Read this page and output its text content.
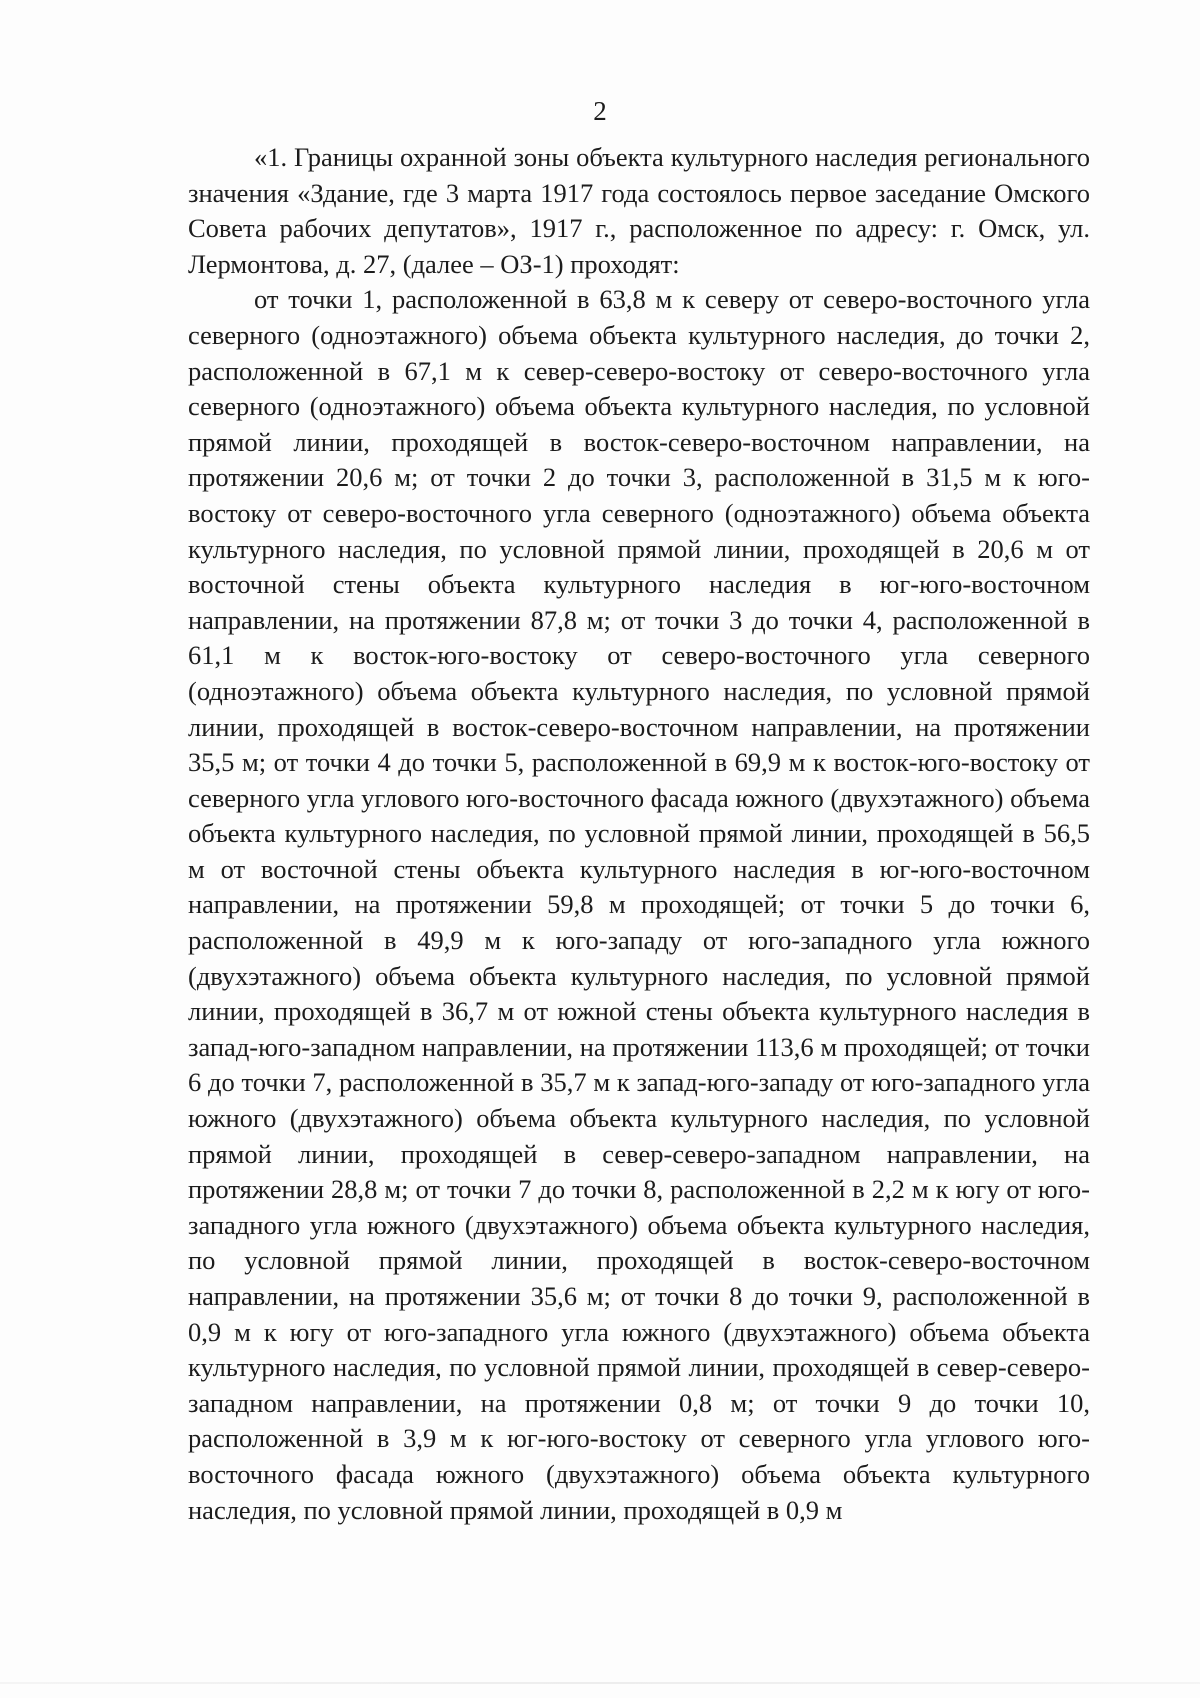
2

«1. Границы охранной зоны объекта культурного наследия регионального значения «Здание, где 3 марта 1917 года состоялось первое заседание Омского Совета рабочих депутатов», 1917 г., расположенное по адресу: г. Омск, ул. Лермонтова, д. 27, (далее – ОЗ-1) проходят:

от точки 1, расположенной в 63,8 м к северу от северо-восточного угла северного (одноэтажного) объема объекта культурного наследия, до точки 2, расположенной в 67,1 м к север-северо-востоку от северо-восточного угла северного (одноэтажного) объема объекта культурного наследия, по условной прямой линии, проходящей в восток-северо-восточном направлении, на протяжении 20,6 м; от точки 2 до точки 3, расположенной в 31,5 м к юго-востоку от северо-восточного угла северного (одноэтажного) объема объекта культурного наследия, по условной прямой линии, проходящей в 20,6 м от восточной стены объекта культурного наследия в юг-юго-восточном направлении, на протяжении 87,8 м; от точки 3 до точки 4, расположенной в 61,1 м к восток-юго-востоку от северо-восточного угла северного (одноэтажного) объема объекта культурного наследия, по условной прямой линии, проходящей в восток-северо-восточном направлении, на протяжении 35,5 м; от точки 4 до точки 5, расположенной в 69,9 м к восток-юго-востоку от северного угла углового юго-восточного фасада южного (двухэтажного) объема объекта культурного наследия, по условной прямой линии, проходящей в 56,5 м от восточной стены объекта культурного наследия в юг-юго-восточном направлении, на протяжении 59,8 м проходящей; от точки 5 до точки 6, расположенной в 49,9 м к юго-западу от юго-западного угла южного (двухэтажного) объема объекта культурного наследия, по условной прямой линии, проходящей в 36,7 м от южной стены объекта культурного наследия в запад-юго-западном направлении, на протяжении 113,6 м проходящей; от точки 6 до точки 7, расположенной в 35,7 м к запад-юго-западу от юго-западного угла южного (двухэтажного) объема объекта культурного наследия, по условной прямой линии, проходящей в север-северо-западном направлении, на протяжении 28,8 м; от точки 7 до точки 8, расположенной в 2,2 м к югу от юго-западного угла южного (двухэтажного) объема объекта культурного наследия, по условной прямой линии, проходящей в восток-северо-восточном направлении, на протяжении 35,6 м; от точки 8 до точки 9, расположенной в 0,9 м к югу от юго-западного угла южного (двухэтажного) объема объекта культурного наследия, по условной прямой линии, проходящей в север-северо-западном направлении, на протяжении 0,8 м; от точки 9 до точки 10, расположенной в 3,9 м к юг-юго-востоку от северного угла углового юго-восточного фасада южного (двухэтажного) объема объекта культурного наследия, по условной прямой линии, проходящей в 0,9 м
